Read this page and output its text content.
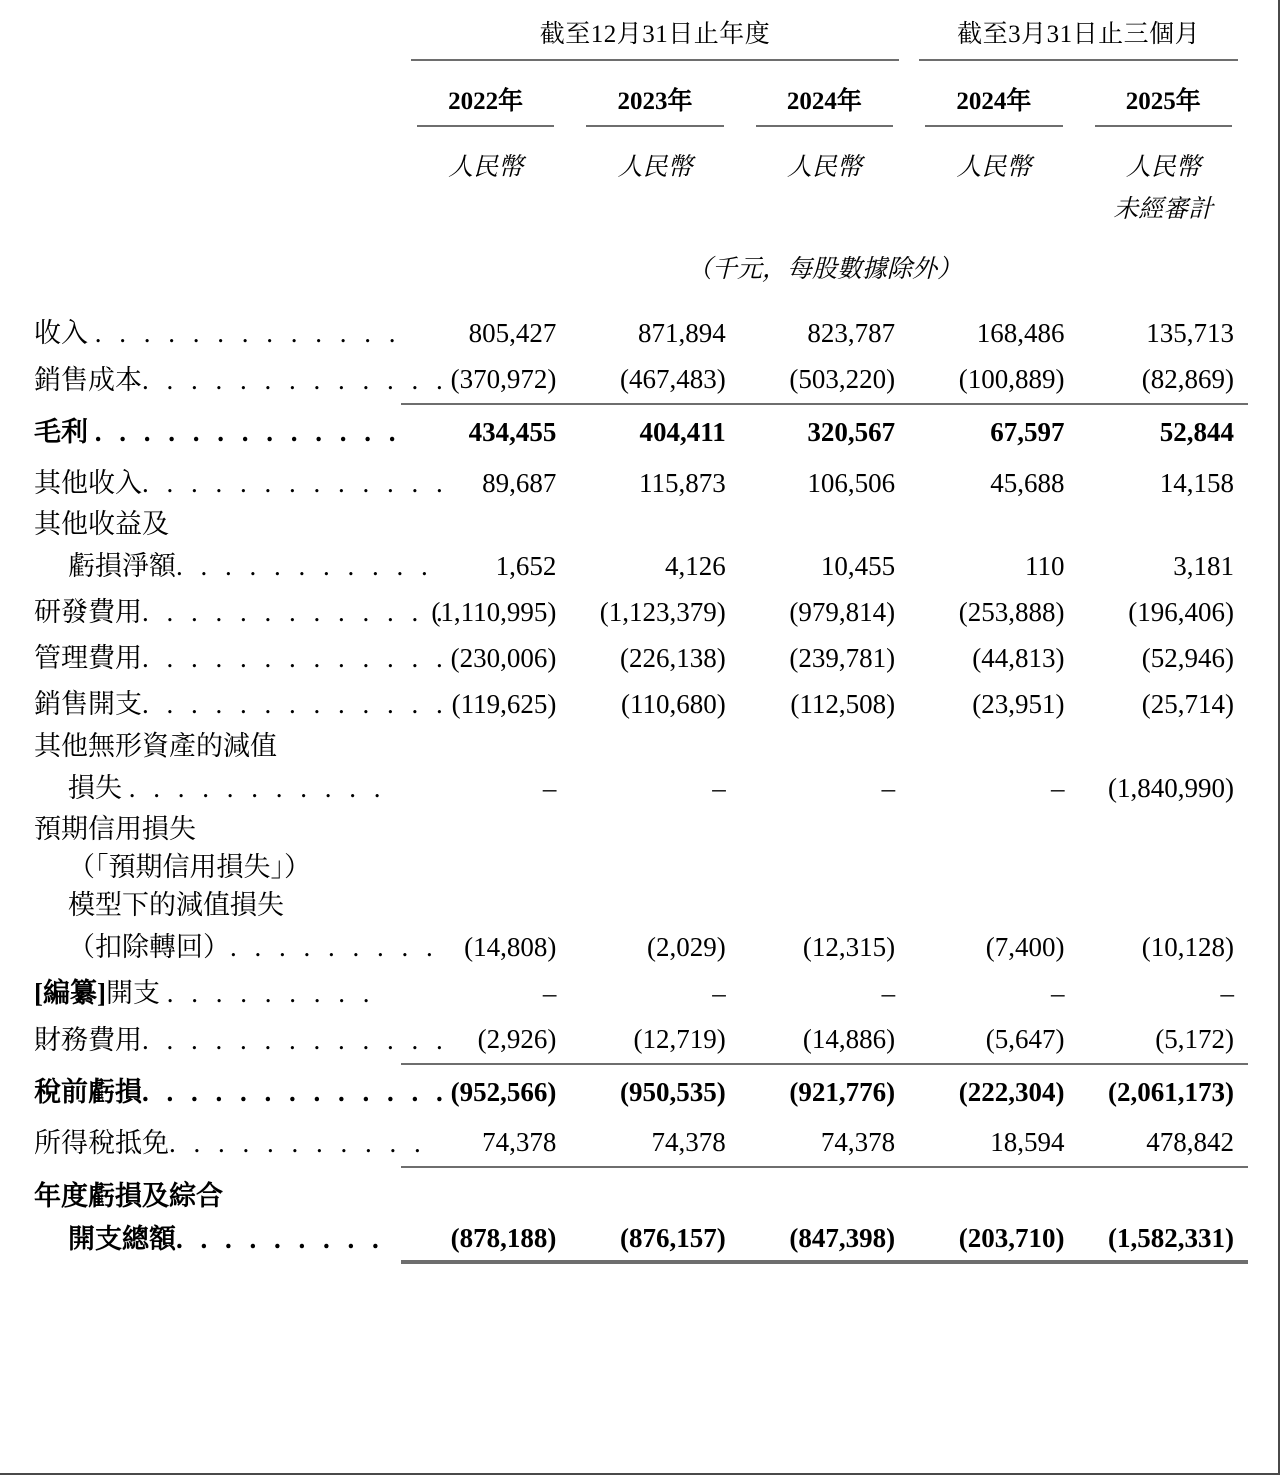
	截至12月31日止年度			截至3月31日止三個月	

	2022年	2023年	2024年	2024年	2025年

	人民幣	人民幣	人民幣	人民幣	人民幣
					未經審計
	（千元，每股數據除外）				
收入 . . . . . . . . . . . . .	805,427	871,894	823,787	168,486	135,713
銷售成本. . . . . . . . . . . . .	(370,972)	(467,483)	(503,220)	(100,889)	(82,869)
毛利 . . . . . . . . . . . . .	434,455	404,411	320,567	67,597	52,844
其他收入. . . . . . . . . . . . .	89,687	115,873	106,506	45,688	14,158
其他收益及					
虧損淨額. . . . . . . . . . .	1,652	4,126	10,455	110	3,181
研發費用. . . . . . . . . . . . .	(1,110,995)	(1,123,379)	(979,814)	(253,888)	(196,406)
管理費用. . . . . . . . . . . . .	(230,006)	(226,138)	(239,781)	(44,813)	(52,946)
銷售開支. . . . . . . . . . . . .	(119,625)	(110,680)	(112,508)	(23,951)	(25,714)
其他無形資產的減值					
損失 . . . . . . . . . . .	–	–	–	–	(1,840,990)
預期信用損失					
（「預期信用損失」）					
模型下的減值損失					
（扣除轉回）. . . . . . . . .	(14,808)	(2,029)	(12,315)	(7,400)	(10,128)
[編纂]開支 . . . . . . . . .	–	–	–	–	–
財務費用. . . . . . . . . . . . .	(2,926)	(12,719)	(14,886)	(5,647)	(5,172)
稅前虧損. . . . . . . . . . . . .	(952,566)	(950,535)	(921,776)	(222,304)	(2,061,173)
所得稅抵免. . . . . . . . . . .	74,378	74,378	74,378	18,594	478,842
年度虧損及綜合					
開支總額. . . . . . . . .	(878,188)	(876,157)	(847,398)	(203,710)	(1,582,331)
